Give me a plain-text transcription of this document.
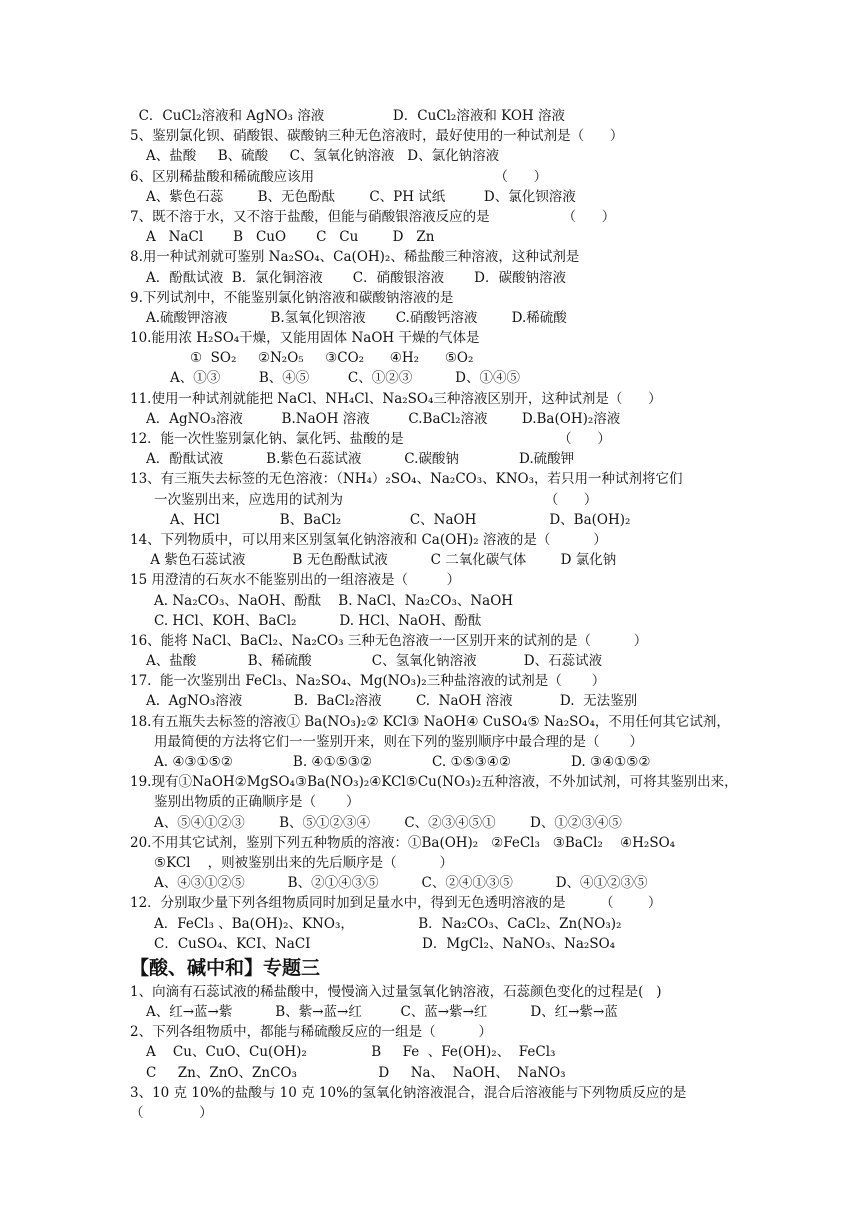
C．CuCl₂溶液和 AgNO₃ 溶液                D．CuCl₂溶液和 KOH 溶液
5、鉴别氯化钡、硝酸银、碳酸钠三种无色溶液时，最好使用的一种试剂是（      ）
A、盐酸     B、硫酸     C、氢氧化钠溶液   D、氯化钠溶液
6、区别稀盐酸和稀硫酸应该用                                          （      ）
A、紫色石蕊        B、无色酚酞        C、PH 试纸         D、氯化钡溶液
7、既不溶于水，又不溶于盐酸，但能与硝酸银溶液反应的是                 （      ）
A   NaCl       B   CuO       C   Cu        D   Zn
8.用一种试剂就可鉴别 Na₂SO₄、Ca(OH)₂、稀盐酸三种溶液，这种试剂是
A．酚酞试液  B．氯化铜溶液       C．硝酸银溶液       D．碳酸钠溶液
9.下列试剂中，不能鉴别氯化钠溶液和碳酸钠溶液的是
A.硫酸钾溶液          B.氢氧化钡溶液       C.硝酸钙溶液        D.稀硫酸
10.能用浓 H₂SO₄干燥，又能用固体 NaOH 干燥的气体是
①  SO₂     ②N₂O₅     ③CO₂      ④H₂      ⑤O₂
A、①③         B、④⑤         C、①②③          D、①④⑤
11.使用一种试剂就能把 NaCl、NH₄Cl、Na₂SO₄三种溶液区别开，这种试剂是（      ）
A．AgNO₃溶液         B.NaOH 溶液         C.BaCl₂溶液        D.Ba(OH)₂溶液
12．能一次性鉴别氯化钠、氯化钙、盐酸的是                                    （      ）
A．酚酞试液          B.紫色石蕊试液          C.碳酸钠              D.硫酸钾
13、有三瓶失去标签的无色溶液：（NH₄）₂SO₄、Na₂CO₃、KNO₃，若只用一种试剂将它们
一次鉴别出来，应选用的试剂为                                               （      ）
A、HCl              B、BaCl₂                C、NaOH                 D、Ba(OH)₂
14、下列物质中，可以用来区别氢氧化钠溶液和 Ca(OH)₂ 溶液的是（          ）
A 紫色石蕊试液           B 无色酚酞试液          C 二氧化碳气体        D 氯化钠
15 用澄清的石灰水不能鉴别出的一组溶液是（         ）
A. Na₂CO₃、NaOH、酚酞    B. NaCl、Na₂CO₃、NaOH
C. HCl、KOH、BaCl₂          D. HCl、NaOH、酚酞
16、能将 NaCl、BaCl₂、Na₂CO₃ 三种无色溶液一一区别开来的试剂的是（          ）
A、盐酸            B、稀硫酸              C、氢氧化钠溶液           D、石蕊试液
17.  能一次鉴别出 FeCl₃、Na₂SO₄、Mg(NO₃)₂三种盐溶液的试剂是（       ）
A.  AgNO₃溶液            B.  BaCl₂溶液        C.  NaOH 溶液           D.  无法鉴别
18.有五瓶失去标签的溶液① Ba(NO₃)₂② KCl③ NaOH④ CuSO₄⑤ Na₂SO₄，不用任何其它试剂，
用最简便的方法将它们一一鉴别开来，则在下列的鉴别顺序中最合理的是（       ）
A. ④③①⑤②              B. ④①⑤③②              C. ①⑤③④②              D. ③④①⑤②
19.现有①NaOH②MgSO₄③Ba(NO₃)₂④KCl⑤Cu(NO₃)₂五种溶液，不外加试剂，可将其鉴别出来，
鉴别出物质的正确顺序是（       ）
A、⑤④①②③        B、⑤①②③④        C、②③④⑤①        D、①②③④⑤
20.不用其它试剂，鉴别下列五种物质的溶液：①Ba(OH)₂   ②FeCl₃   ③BaCl₂    ④H₂SO₄
⑤KCl    ，则被鉴别出来的先后顺序是（          ）
A、④③①②⑤          B、②①④③⑤          C、②④①③⑤          D、④①②③⑤
12．分别取少量下列各组物质同时加到足量水中，得到无色透明溶液的是        （        ）
A．FeCl₃ 、Ba(OH)₂、KNO₃，               B．Na₂CO₃、CaCl₂、Zn(NO₃)₂
C．CuSO₄、KCI、NaCI                          D．MgCl₂、NaNO₃、Na₂SO₄
【酸、碱中和】专题三
1、向滴有石蕊试液的稀盐酸中，慢慢滴入过量氢氧化钠溶液，石蕊颜色变化的过程是(   )
A、红→蓝→紫          B、紫→蓝→红         C、蓝→紫→红          D、红→紫→蓝
2、下列各组物质中，都能与稀硫酸反应的一组是（          ）
A    Cu、CuO、Cu(OH)₂               B     Fe  、Fe(OH)₂、  FeCl₃
C     Zn、ZnO、ZnCO₃                   D     Na、  NaOH、  NaNO₃
3、10 克 10%的盐酸与 10 克 10%的氢氧化钠溶液混合，混合后溶液能与下列物质反应的是
（             ）
